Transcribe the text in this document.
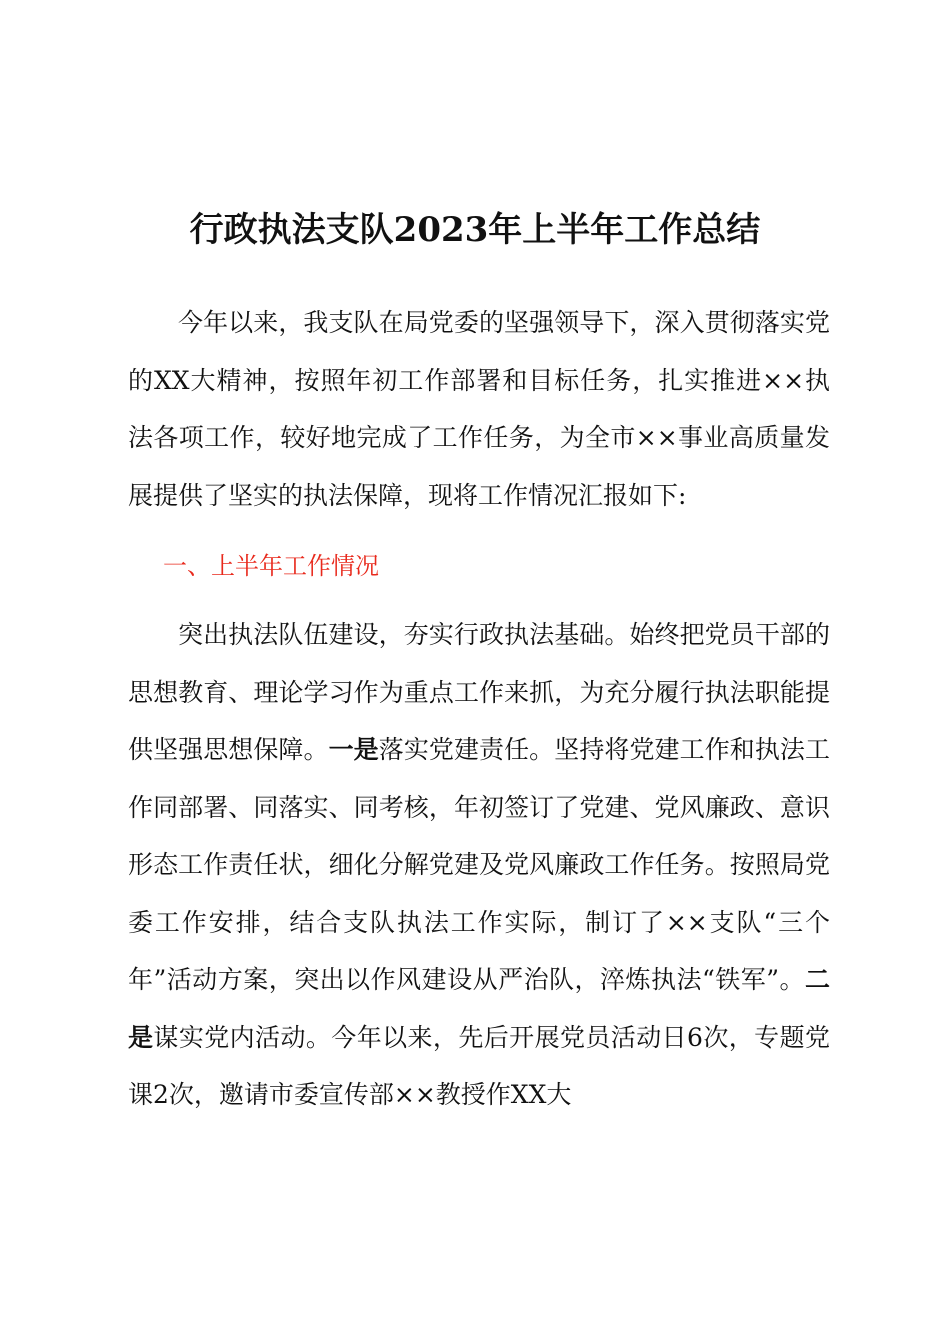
行政执法支队2023年上半年工作总结

今年以来，我支队在局党委的坚强领导下，深入贯彻落实党的XX大精神，按照年初工作部署和目标任务，扎实推进××执法各项工作，较好地完成了工作任务，为全市××事业高质量发展提供了坚实的执法保障，现将工作情况汇报如下:

一、上半年工作情况

突出执法队伍建设，夯实行政执法基础。始终把党员干部的思想教育、理论学习作为重点工作来抓，为充分履行执法职能提供坚强思想保障。一是落实党建责任。坚持将党建工作和执法工作同部署、同落实、同考核，年初签订了党建、党风廉政、意识形态工作责任状，细化分解党建及党风廉政工作任务。按照局党委工作安排，结合支队执法工作实际，制订了××支队“三个年”活动方案，突出以作风建设从严治队，淬炼执法“铁军”。二是谋实党内活动。今年以来，先后开展党员活动日6次，专题党课2次，邀请市委宣传部××教授作XX大
